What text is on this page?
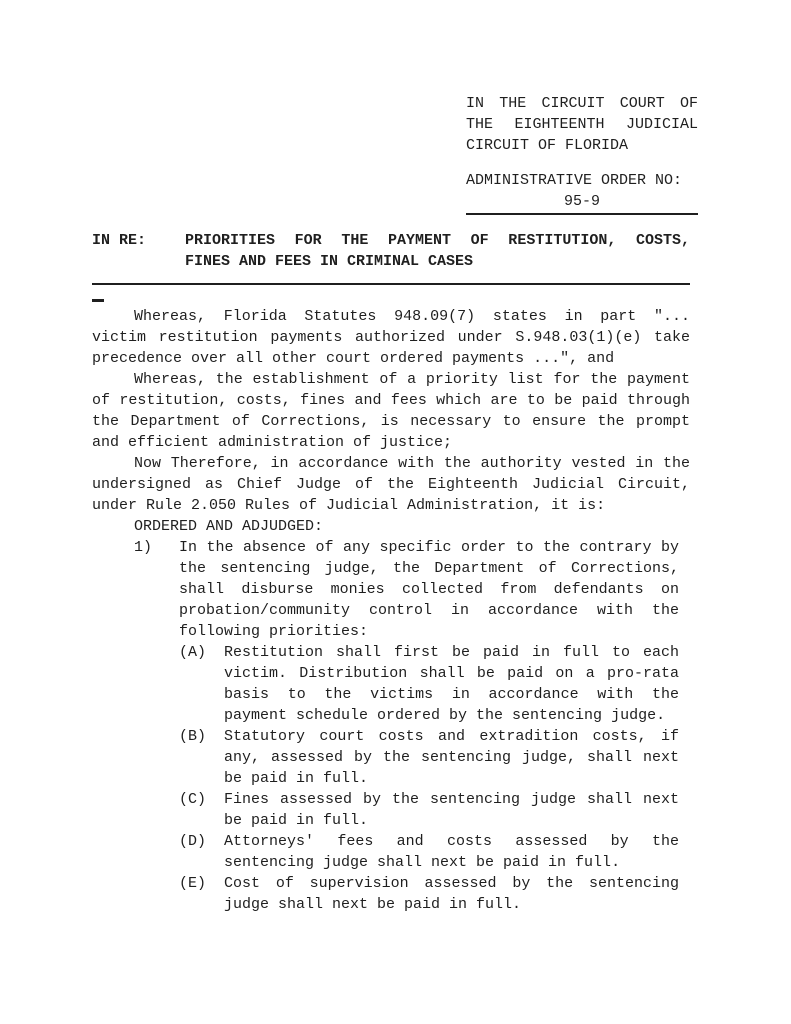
IN THE CIRCUIT COURT OF THE EIGHTEENTH JUDICIAL CIRCUIT OF FLORIDA
ADMINISTRATIVE ORDER NO:
95-9
IN RE:	PRIORITIES FOR THE PAYMENT OF RESTITUTION, COSTS,
FINES AND FEES IN CRIMINAL CASES

Whereas, Florida Statutes 948.09(7) states in part "... victim restitution payments authorized under S.948.03(1)(e) take precedence over all other court ordered payments ...", and

Whereas, the establishment of a priority list for the payment of restitution, costs, fines and fees which are to be paid through the Department of Corrections, is necessary to ensure the prompt and efficient administration of justice;

Now Therefore, in accordance with the authority vested in the undersigned as Chief Judge of the Eighteenth Judicial Circuit, under Rule 2.050 Rules of Judicial Administration, it is:

ORDERED AND ADJUDGED:
1) In the absence of any specific order to the contrary by the sentencing judge, the Department of Corrections, shall disburse monies collected from defendants on probation/community control in accordance with the following priorities:
(A) Restitution shall first be paid in full to each victim. Distribution shall be paid on a pro-rata basis to the victims in accordance with the payment schedule ordered by the sentencing judge.
(B) Statutory court costs and extradition costs, if any, assessed by the sentencing judge, shall next be paid in full.
(C) Fines assessed by the sentencing judge shall next be paid in full.
(D) Attorneys' fees and costs assessed by the sentencing judge shall next be paid in full.
(E) Cost of supervision assessed by the sentencing judge shall next be paid in full.
